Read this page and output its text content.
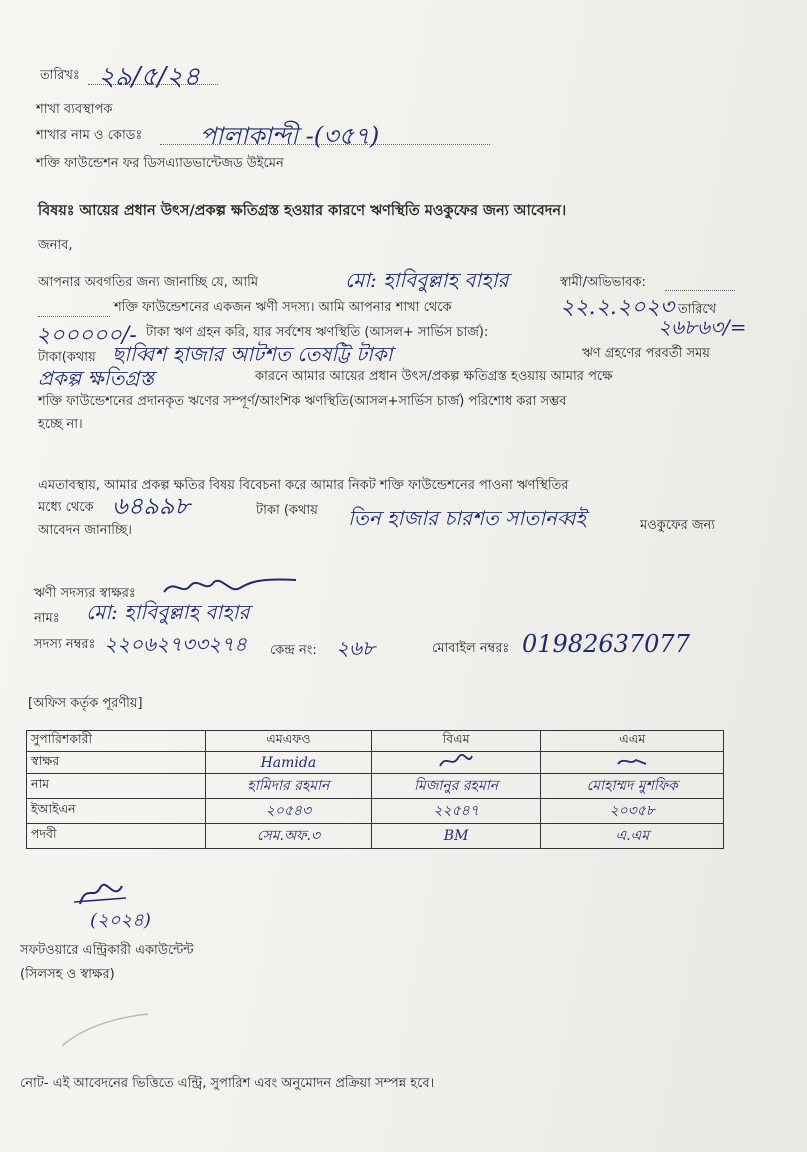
তারিখঃ ২৯/৫/২৪
শাখা ব্যবস্থাপক
শাখার নাম ও কোডঃ পালাকান্দী -(৩৫৭)
শক্তি ফাউন্ডেশন ফর ডিসএ্যাডভান্টেজড উইমেন
বিষয়ঃ আয়ের প্রধান উৎস/প্রকল্প ক্ষতিগ্রস্ত হওয়ার কারণে ঋণস্থিতি মওকুফের জন্য আবেদন।
জনাব,
আপনার অবগতির জন্য জানাচ্ছি যে, আমি	মো: হাবিবুল্লাহ বাহার	স্বামী/অভিভাবক:
শক্তি ফাউন্ডেশনের একজন ঋণী সদস্য। আমি আপনার শাখা থেকে	২২.২.২০২৩ তারিখে
২০০০০০/- টাকা ঋণ গ্রহন করি, যার সর্বশেষ ঋণস্থিতি (আসল+ সার্ভিস চার্জ):	২৬৮৬৩/=
টাকা(কথায় ছাব্বিশ হাজার আটশত তেষট্টি টাকা	ঋণ গ্রহণের পরবর্তী সময়
প্রকল্প ক্ষতিগ্রস্ত	কারনে আমার আয়ের প্রধান উৎস/প্রকল্প ক্ষতিগ্রস্ত হওয়ায় আমার পক্ষে
শক্তি ফাউন্ডেশনের প্রদানকৃত ঋণের সম্পূর্ণ/আংশিক ঋণস্থিতি(আসল+সার্ভিস চার্জ) পরিশোধ করা সম্ভব
হচ্ছে না।
এমতাবস্থায়, আমার প্রকল্প ক্ষতির বিষয় বিবেচনা করে আমার নিকট শক্তি ফাউন্ডেশনের পাওনা ঋণস্থিতির
মধ্যে থেকে ৬৪৯৯৮	টাকা (কথায় তিন হাজার চারশত সাতানব্বই	মওকুফের জন্য
আবেদন জানাচ্ছি।
ঋণী সদস্যর স্বাক্ষরঃ
নামঃ মো: হাবিবুল্লাহ বাহার
সদস্য নম্বরঃ ২২০৬২৭৩৩২৭৪ কেন্দ্র নং: ২৬৮	মোবাইল নম্বরঃ 01982637077
[অফিস কর্তৃক পূরণীয়]
সুপারিশকারী	এমএফও	বিএম	এএম
স্বাক্ষর	Hamida		
নাম	হামিদার রহমান	মিজানুর রহমান	মোহাম্মদ মুশফিক
ইআইএন	২০৫৪৩	২২৫৪৭	২০৩৫৮
পদবী	সেম.অফ.৩	BM	এ.এম
(২০২৪)
সফটওয়ারে এন্ট্রিকারী একাউন্টেন্ট
(সিলসহ ও স্বাক্ষর)
নোট- এই আবেদনের ভিত্তিতে এন্ট্রি, সুপারিশ এবং অনুমোদন প্রক্রিয়া সম্পন্ন হবে।
